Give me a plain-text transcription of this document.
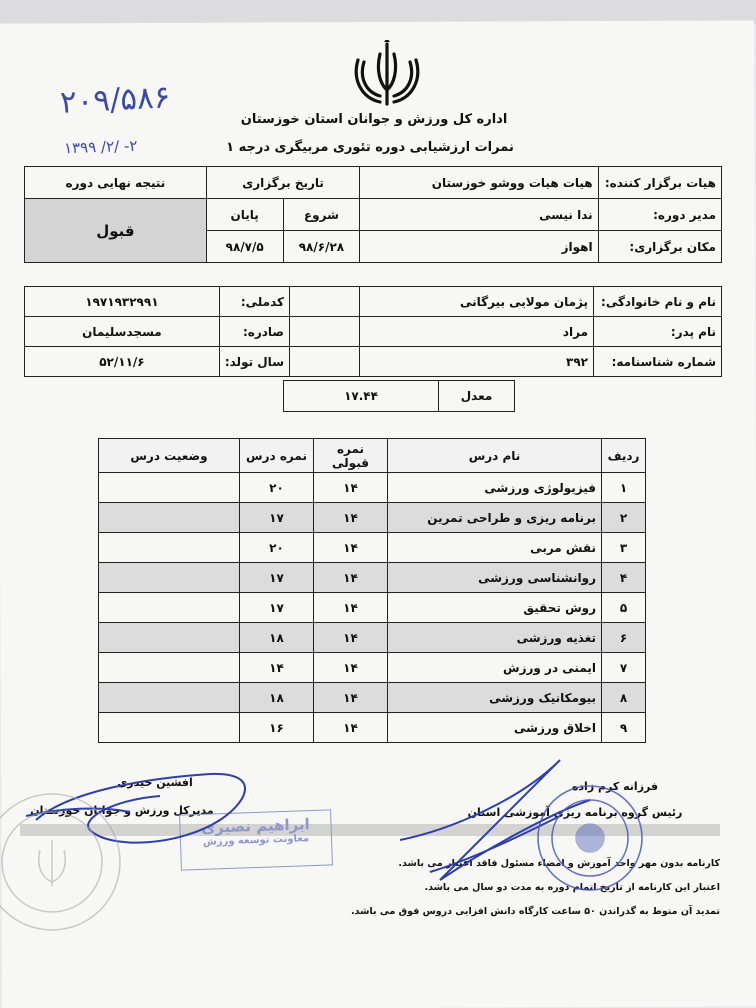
۲۰۹/۵۸۶
۱۳۹۹ /۲/ -۲
اداره کل ورزش و جوانان استان خوزستان
نمرات ارزشیابی دوره تئوری مربیگری درجه ۱
هیات برگزار کننده:	هیات هیات ووشو خوزستان	تاریخ برگزاری		نتیجه نهایی دوره
مدیر دوره:	ندا نیسی	شروع	پایان	قبول
مکان برگزاری:	اهواز	۹۸/۶/۲۸	۹۸/۷/۵	
نام و نام خانوادگی:	پژمان مولایی بیرگانی		کدملی:	۱۹۷۱۹۳۲۹۹۱
نام پدر:	مراد		صادره:	مسجدسلیمان
شماره شناسنامه:	۳۹۲		سال تولد:	۵۲/۱۱/۶
معدل	۱۷.۴۴
ردیف	نام درس	نمره قبولی	نمره درس	وضعیت درس
۱	فیزیولوژی ورزشی	۱۴	۲۰	
۲	برنامه ریزی و طراحی تمرین	۱۴	۱۷	
۳	نقش مربی	۱۴	۲۰	
۴	روانشناسی ورزشی	۱۴	۱۷	
۵	روش تحقیق	۱۴	۱۷	
۶	تغذیه ورزشی	۱۴	۱۸	
۷	ایمنی در ورزش	۱۴	۱۴	
۸	بیومکانیک ورزشی	۱۴	۱۸	
۹	اخلاق ورزشی	۱۴	۱۶	
افشین حیدری
مدیرکل ورزش و جوانان خوزستان
فرزانه کرم زاده
رئیس گروه برنامه ریزی آموزشی استان
ابراهیم نصیری
معاونت توسعه ورزش
کارنامه بدون مهر واحد آموزش و امضاء مسئول فاقد اعتبار می باشد.
اعتبار این کارنامه از تاریخ اتمام دوره به مدت دو سال می باشد.
تمدید آن منوط به گذراندن ۵۰ ساعت کارگاه دانش افزایی دروس فوق می باشد.
